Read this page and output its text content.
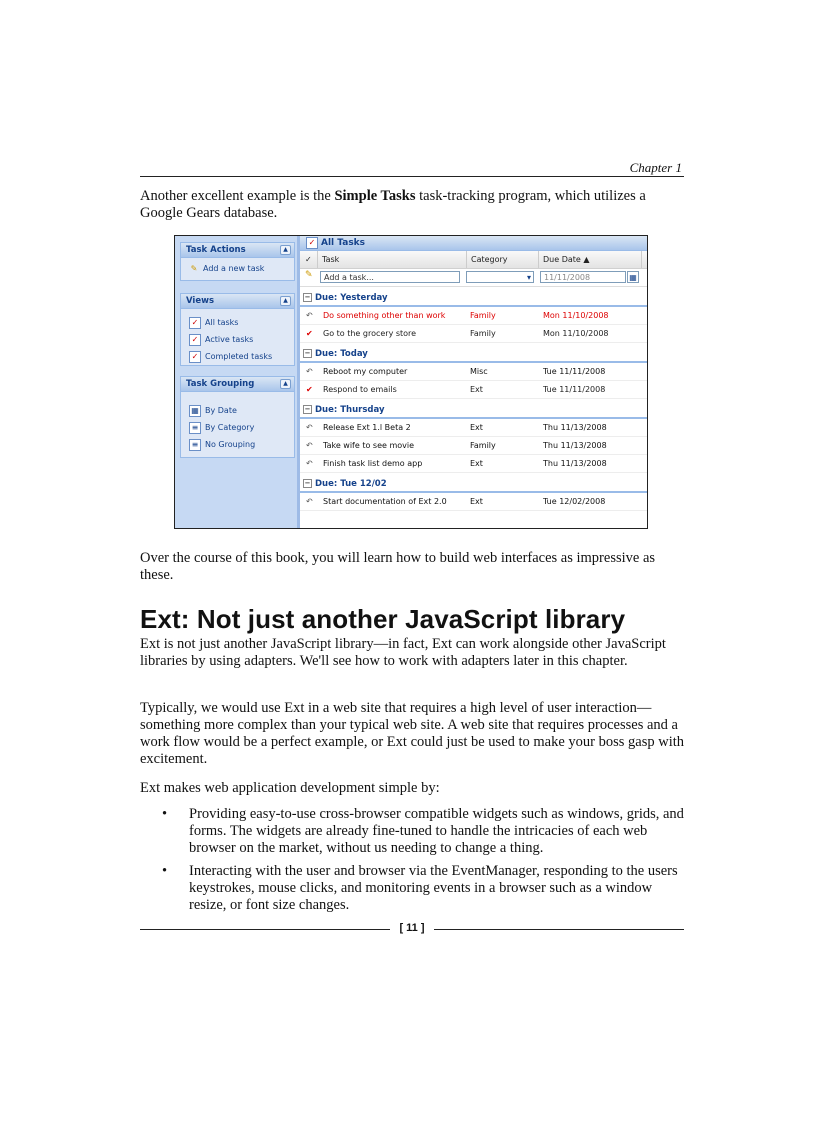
Chapter 1

Another excellent example is the Simple Tasks task-tracking program, which utilizes a Google Gears database.

Task Actions	▲
✎ Add a new task
Views	▲
✓ All tasks
✓ Active tasks
✓ Completed tasks
Task Grouping	▲
▦ By Date
≡ By Category
≡ No Grouping
✓ All Tasks
✓	Task	Category	Due Date ▲
✎	Add a task...	▾	11/11/2008	▦
− Due: Yesterday
↶ Do something other than work	Family	Mon 11/10/2008
✔ Go to the grocery store	Family	Mon 11/10/2008
− Due: Today
↶ Reboot my computer	Misc	Tue 11/11/2008
✔ Respond to emails	Ext	Tue 11/11/2008
− Due: Thursday
↶ Release Ext 1.l Beta 2	Ext	Thu 11/13/2008
↶ Take wife to see movie	Family	Thu 11/13/2008
↶ Finish task list demo app	Ext	Thu 11/13/2008
− Due: Tue 12/02
↶ Start documentation of Ext 2.0	Ext	Tue 12/02/2008

Over the course of this book, you will learn how to build web interfaces as impressive as these.

Ext: Not just another JavaScript library

Ext is not just another JavaScript library—in fact, Ext can work alongside other JavaScript libraries by using adapters. We'll see how to work with adapters later in this chapter.

Typically, we would use Ext in a web site that requires a high level of user interaction—something more complex than your typical web site. A web site that requires processes and a work flow would be a perfect example, or Ext could just be used to make your boss gasp with excitement.

Ext makes web application development simple by:

• Providing easy-to-use cross-browser compatible widgets such as windows, grids, and forms. The widgets are already fine-tuned to handle the intricacies of each web browser on the market, without us needing to change a thing.
• Interacting with the user and browser via the EventManager, responding to the users keystrokes, mouse clicks, and monitoring events in a browser such as a window resize, or font size changes.
[ 11 ]
